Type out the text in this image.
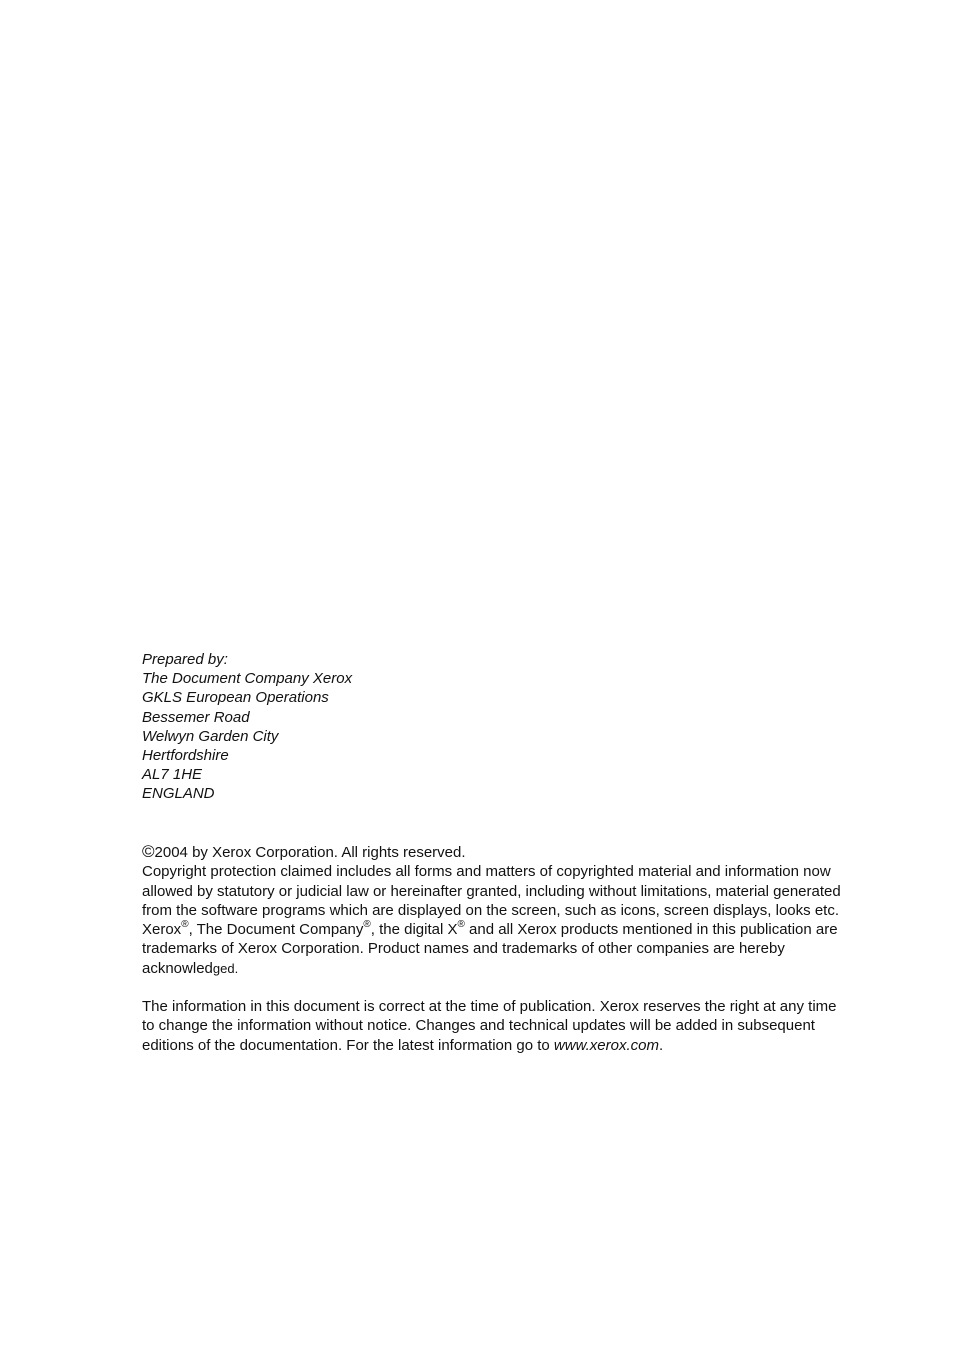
Prepared by:
The Document Company Xerox
GKLS European Operations
Bessemer Road
Welwyn Garden City
Hertfordshire
AL7 1HE
ENGLAND

©2004 by Xerox Corporation. All rights reserved.

Copyright protection claimed includes all forms and matters of copyrighted material and information now allowed by statutory or judicial law or hereinafter granted, including without limitations, material generated from the software programs which are displayed on the screen, such as icons, screen displays, looks etc.

Xerox®, The Document Company®, the digital X® and all Xerox products mentioned in this publication are trademarks of Xerox Corporation. Product names and trademarks of other companies are hereby acknowledged.

The information in this document is correct at the time of publication. Xerox reserves the right at any time to change the information without notice. Changes and technical updates will be added in subsequent editions of the documentation. For the latest information go to www.xerox.com.
